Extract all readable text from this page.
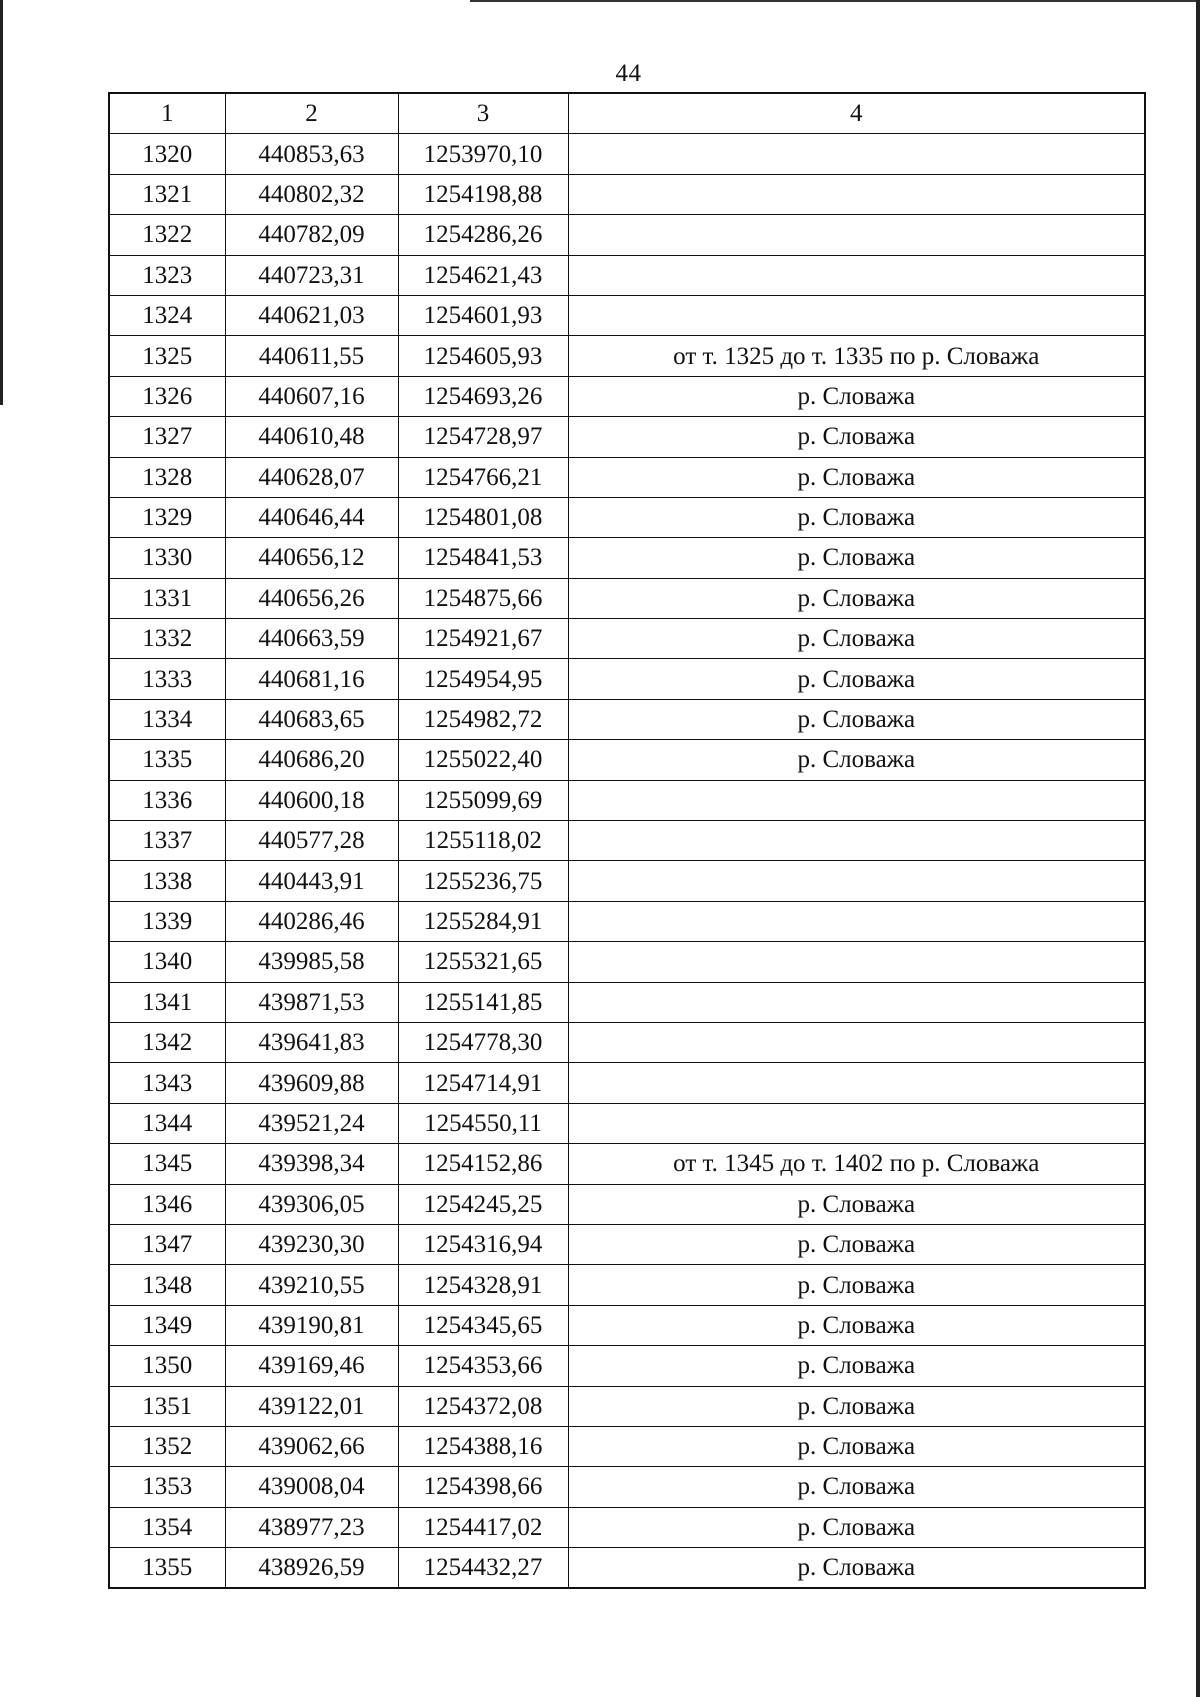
44
1	2	3	4
1320	440853,63	1253970,10	
1321	440802,32	1254198,88	
1322	440782,09	1254286,26	
1323	440723,31	1254621,43	
1324	440621,03	1254601,93	
1325	440611,55	1254605,93	от т. 1325 до т. 1335 по р. Словажа
1326	440607,16	1254693,26	р. Словажа
1327	440610,48	1254728,97	р. Словажа
1328	440628,07	1254766,21	р. Словажа
1329	440646,44	1254801,08	р. Словажа
1330	440656,12	1254841,53	р. Словажа
1331	440656,26	1254875,66	р. Словажа
1332	440663,59	1254921,67	р. Словажа
1333	440681,16	1254954,95	р. Словажа
1334	440683,65	1254982,72	р. Словажа
1335	440686,20	1255022,40	р. Словажа
1336	440600,18	1255099,69	
1337	440577,28	1255118,02	
1338	440443,91	1255236,75	
1339	440286,46	1255284,91	
1340	439985,58	1255321,65	
1341	439871,53	1255141,85	
1342	439641,83	1254778,30	
1343	439609,88	1254714,91	
1344	439521,24	1254550,11	
1345	439398,34	1254152,86	от т. 1345 до т. 1402 по р. Словажа
1346	439306,05	1254245,25	р. Словажа
1347	439230,30	1254316,94	р. Словажа
1348	439210,55	1254328,91	р. Словажа
1349	439190,81	1254345,65	р. Словажа
1350	439169,46	1254353,66	р. Словажа
1351	439122,01	1254372,08	р. Словажа
1352	439062,66	1254388,16	р. Словажа
1353	439008,04	1254398,66	р. Словажа
1354	438977,23	1254417,02	р. Словажа
1355	438926,59	1254432,27	р. Словажа
